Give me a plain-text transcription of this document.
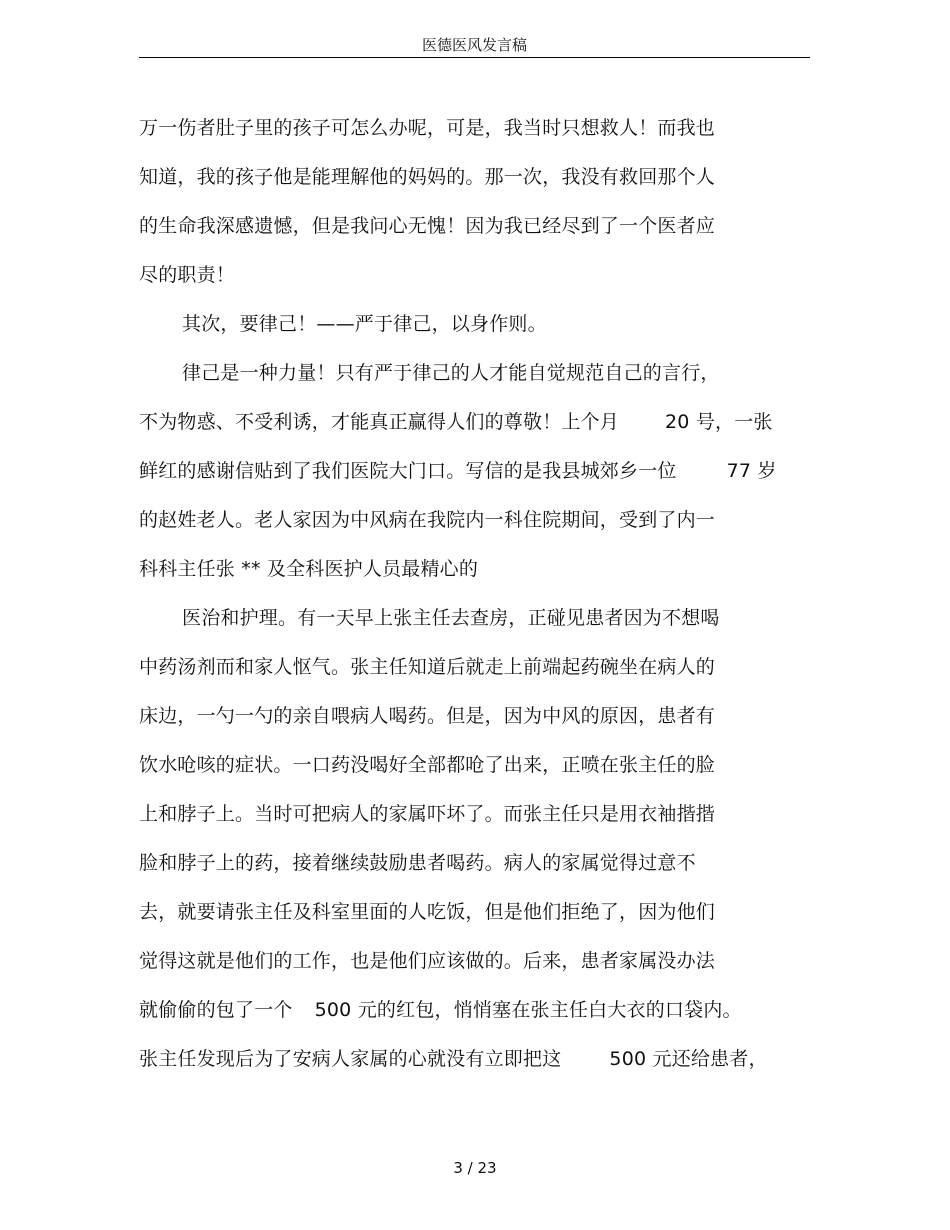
医德医风发言稿
万一伤者肚子里的孩子可怎么办呢，可是，我当时只想救人！而我也
知道，我的孩子他是能理解他的妈妈的。那一次，我没有救回那个人
的生命我深感遗憾，但是我问心无愧！因为我已经尽到了一个医者应
尽的职责！
其次，要律己！——严于律己，以身作则。
律己是一种力量！只有严于律己的人才能自觉规范自己的言行，
不为物惑、不受利诱，才能真正赢得人们的尊敬！上个月 20 号，一张
鲜红的感谢信贴到了我们医院大门口。写信的是我县城郊乡一位	77 岁
的赵姓老人。老人家因为中风病在我院内一科住院期间，受到了内一
科科主任张 ** 及全科医护人员最精心的
医治和护理。有一天早上张主任去查房，正碰见患者因为不想喝
中药汤剂而和家人怄气。张主任知道后就走上前端起药碗坐在病人的
床边，一勺一勺的亲自喂病人喝药。但是，因为中风的原因，患者有
饮水呛咳的症状。一口药没喝好全部都呛了出来，正喷在张主任的脸
上和脖子上。当时可把病人的家属吓坏了。而张主任只是用衣袖揩揩
脸和脖子上的药，接着继续鼓励患者喝药。病人的家属觉得过意不
去，就要请张主任及科室里面的人吃饭，但是他们拒绝了，因为他们
觉得这就是他们的工作，也是他们应该做的。后来，患者家属没办法
就偷偷的包了一个 500 元的红包，悄悄塞在张主任白大衣的口袋内。
张主任发现后为了安病人家属的心就没有立即把这	500 元还给患者，
3 / 23
